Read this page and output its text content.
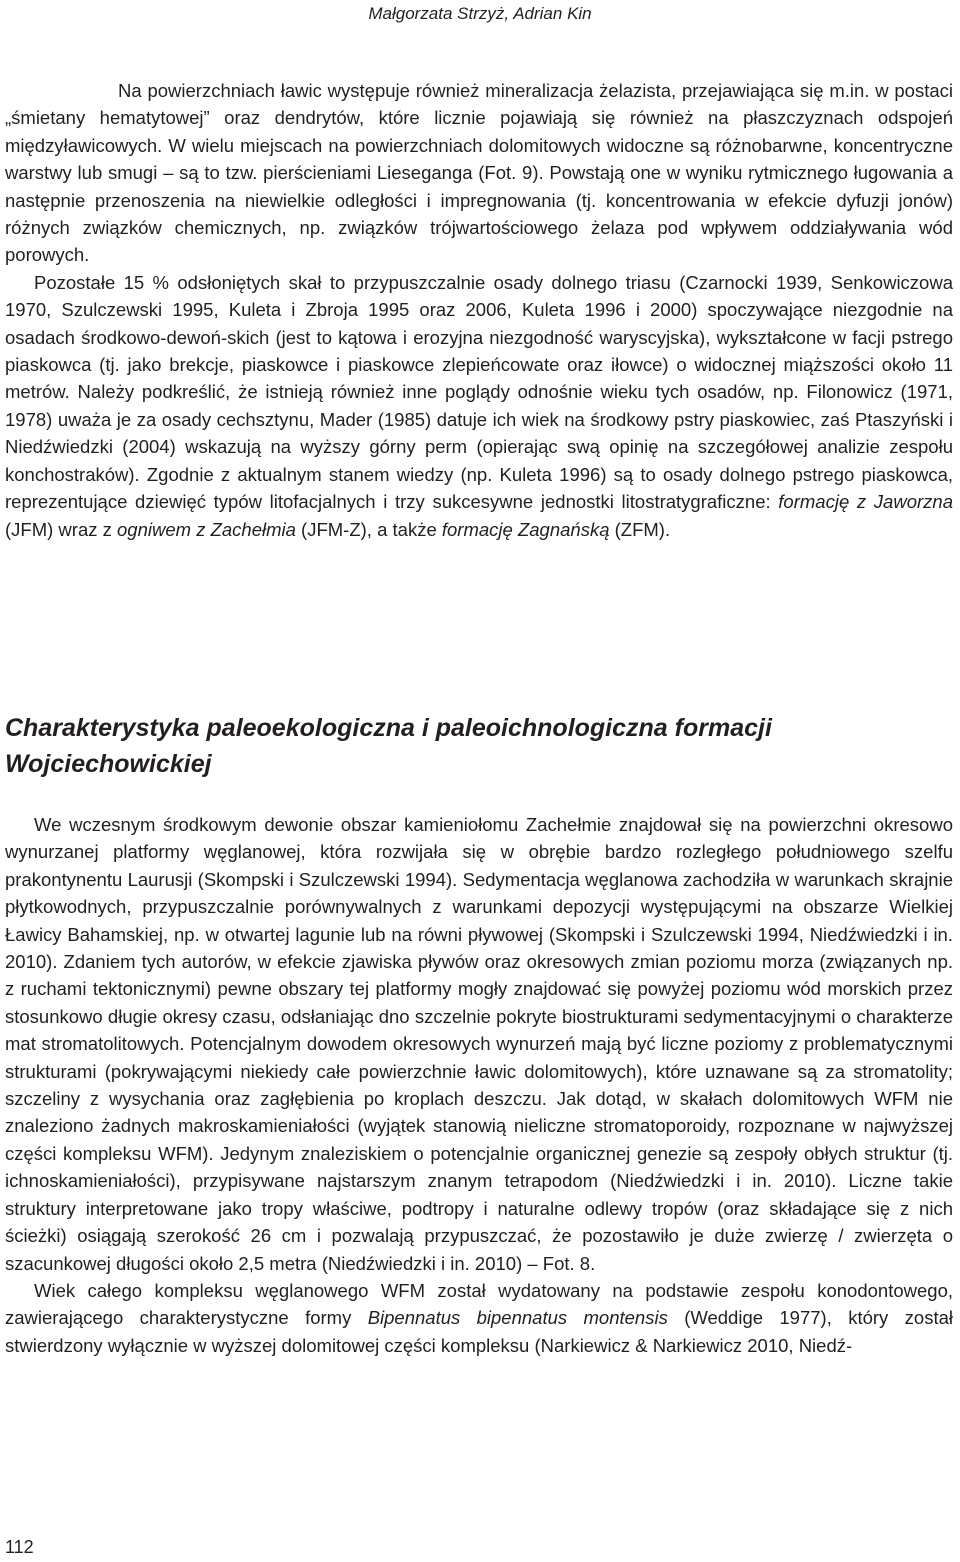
Małgorzata Strzyż, Adrian Kin

Na powierzchniach ławic występuje również mineralizacja żelazista, przejawiająca się m.in. w postaci „śmietany hematytowej” oraz dendrytów, które licznie pojawiają się również na płaszczyznach odspojeń międzyławicowych. W wielu miejscach na powierzchniach dolomitowych widoczne są różnobarwne, koncentryczne warstwy lub smugi – są to tzw. pierścieniami Lieseganga (Fot. 9). Powstają one w wyniku rytmicznego ługowania a następnie przenoszenia na niewielkie odległości i impregnowania (tj. koncentrowania w efekcie dyfuzji jonów) różnych związków chemicznych, np. związków trójwartościowego żelaza pod wpływem oddziaływania wód porowych.

Pozostałe 15 % odsłoniętych skał to przypuszczalnie osady dolnego triasu (Czarnocki 1939, Senkowiczowa 1970, Szulczewski 1995, Kuleta i Zbroja 1995 oraz 2006, Kuleta 1996 i 2000) spoczywające niezgodnie na osadach środkowo-dewoń-skich (jest to kątowa i erozyjna niezgodność waryscyjska), wykształcone w facji pstrego piaskowca (tj. jako brekcje, piaskowce i piaskowce zlepieńcowate oraz iłowce) o widocznej miąższości około 11 metrów. Należy podkreślić, że istnieją również inne poglądy odnośnie wieku tych osadów, np. Filonowicz (1971, 1978) uważa je za osady cechsztynu, Mader (1985) datuje ich wiek na środkowy pstry piaskowiec, zaś Ptaszyński i Niedźwiedzki (2004) wskazują na wyższy górny perm (opierając swą opinię na szczegółowej analizie zespołu konchostraków). Zgodnie z aktualnym stanem wiedzy (np. Kuleta 1996) są to osady dolnego pstrego piaskowca, reprezentujące dziewięć typów litofacjalnych i trzy sukcesywne jednostki litostratygraficzne: formację z Jaworzna (JFM) wraz z ogniwem z Zachełmia (JFM-Z), a także formację Zagnańską (ZFM).

Charakterystyka paleoekologiczna i paleoichnologiczna formacji Wojciechowickiej

We wczesnym środkowym dewonie obszar kamieniołomu Zachełmie znajdował się na powierzchni okresowo wynurzanej platformy węglanowej, która rozwijała się w obrębie bardzo rozległego południowego szelfu prakontynentu Laurusji (Skompski i Szulczewski 1994). Sedymentacja węglanowa zachodziła w warunkach skrajnie płytkowodnych, przypuszczalnie porównywalnych z warunkami depozycji występującymi na obszarze Wielkiej Ławicy Bahamskiej, np. w otwartej lagunie lub na równi pływowej (Skompski i Szulczewski 1994, Niedźwiedzki i in. 2010). Zdaniem tych autorów, w efekcie zjawiska pływów oraz okresowych zmian poziomu morza (związanych np. z ruchami tektonicznymi) pewne obszary tej platformy mogły znajdować się powyżej poziomu wód morskich przez stosunkowo długie okresy czasu, odsłaniając dno szczelnie pokryte biostrukturami sedymentacyjnymi o charakterze mat stromatolitowych. Potencjalnym dowodem okresowych wynurzeń mają być liczne poziomy z problematycznymi strukturami (pokrywającymi niekiedy całe powierzchnie ławic dolomitowych), które uznawane są za stromatolity; szczeliny z wysychania oraz zagłębienia po kroplach deszczu. Jak dotąd, w skałach dolomitowych WFM nie znaleziono żadnych makroskamieniałości (wyjątek stanowią nieliczne stromatoporoidy, rozpoznane w najwyższej części kompleksu WFM). Jedynym znaleziskiem o potencjalnie organicznej genezie są zespoły obłych struktur (tj. ichnoskamieniałości), przypisywane najstarszym znanym tetrapodom (Niedźwiedzki i in. 2010). Liczne takie struktury interpretowane jako tropy właściwe, podtropy i naturalne odlewy tropów (oraz składające się z nich ścieżki) osiągają szerokość 26 cm i pozwalają przypuszczać, że pozostawiło je duże zwierzę / zwierzęta o szacunkowej długości około 2,5 metra (Niedźwiedzki i in. 2010) – Fot. 8.

Wiek całego kompleksu węglanowego WFM został wydatowany na podstawie zespołu konodontowego, zawierającego charakterystyczne formy Bipennatus bipennatus montensis (Weddige 1977), który został stwierdzony wyłącznie w wyższej dolomitowej części kompleksu (Narkiewicz & Narkiewicz 2010, Niedź-

112
